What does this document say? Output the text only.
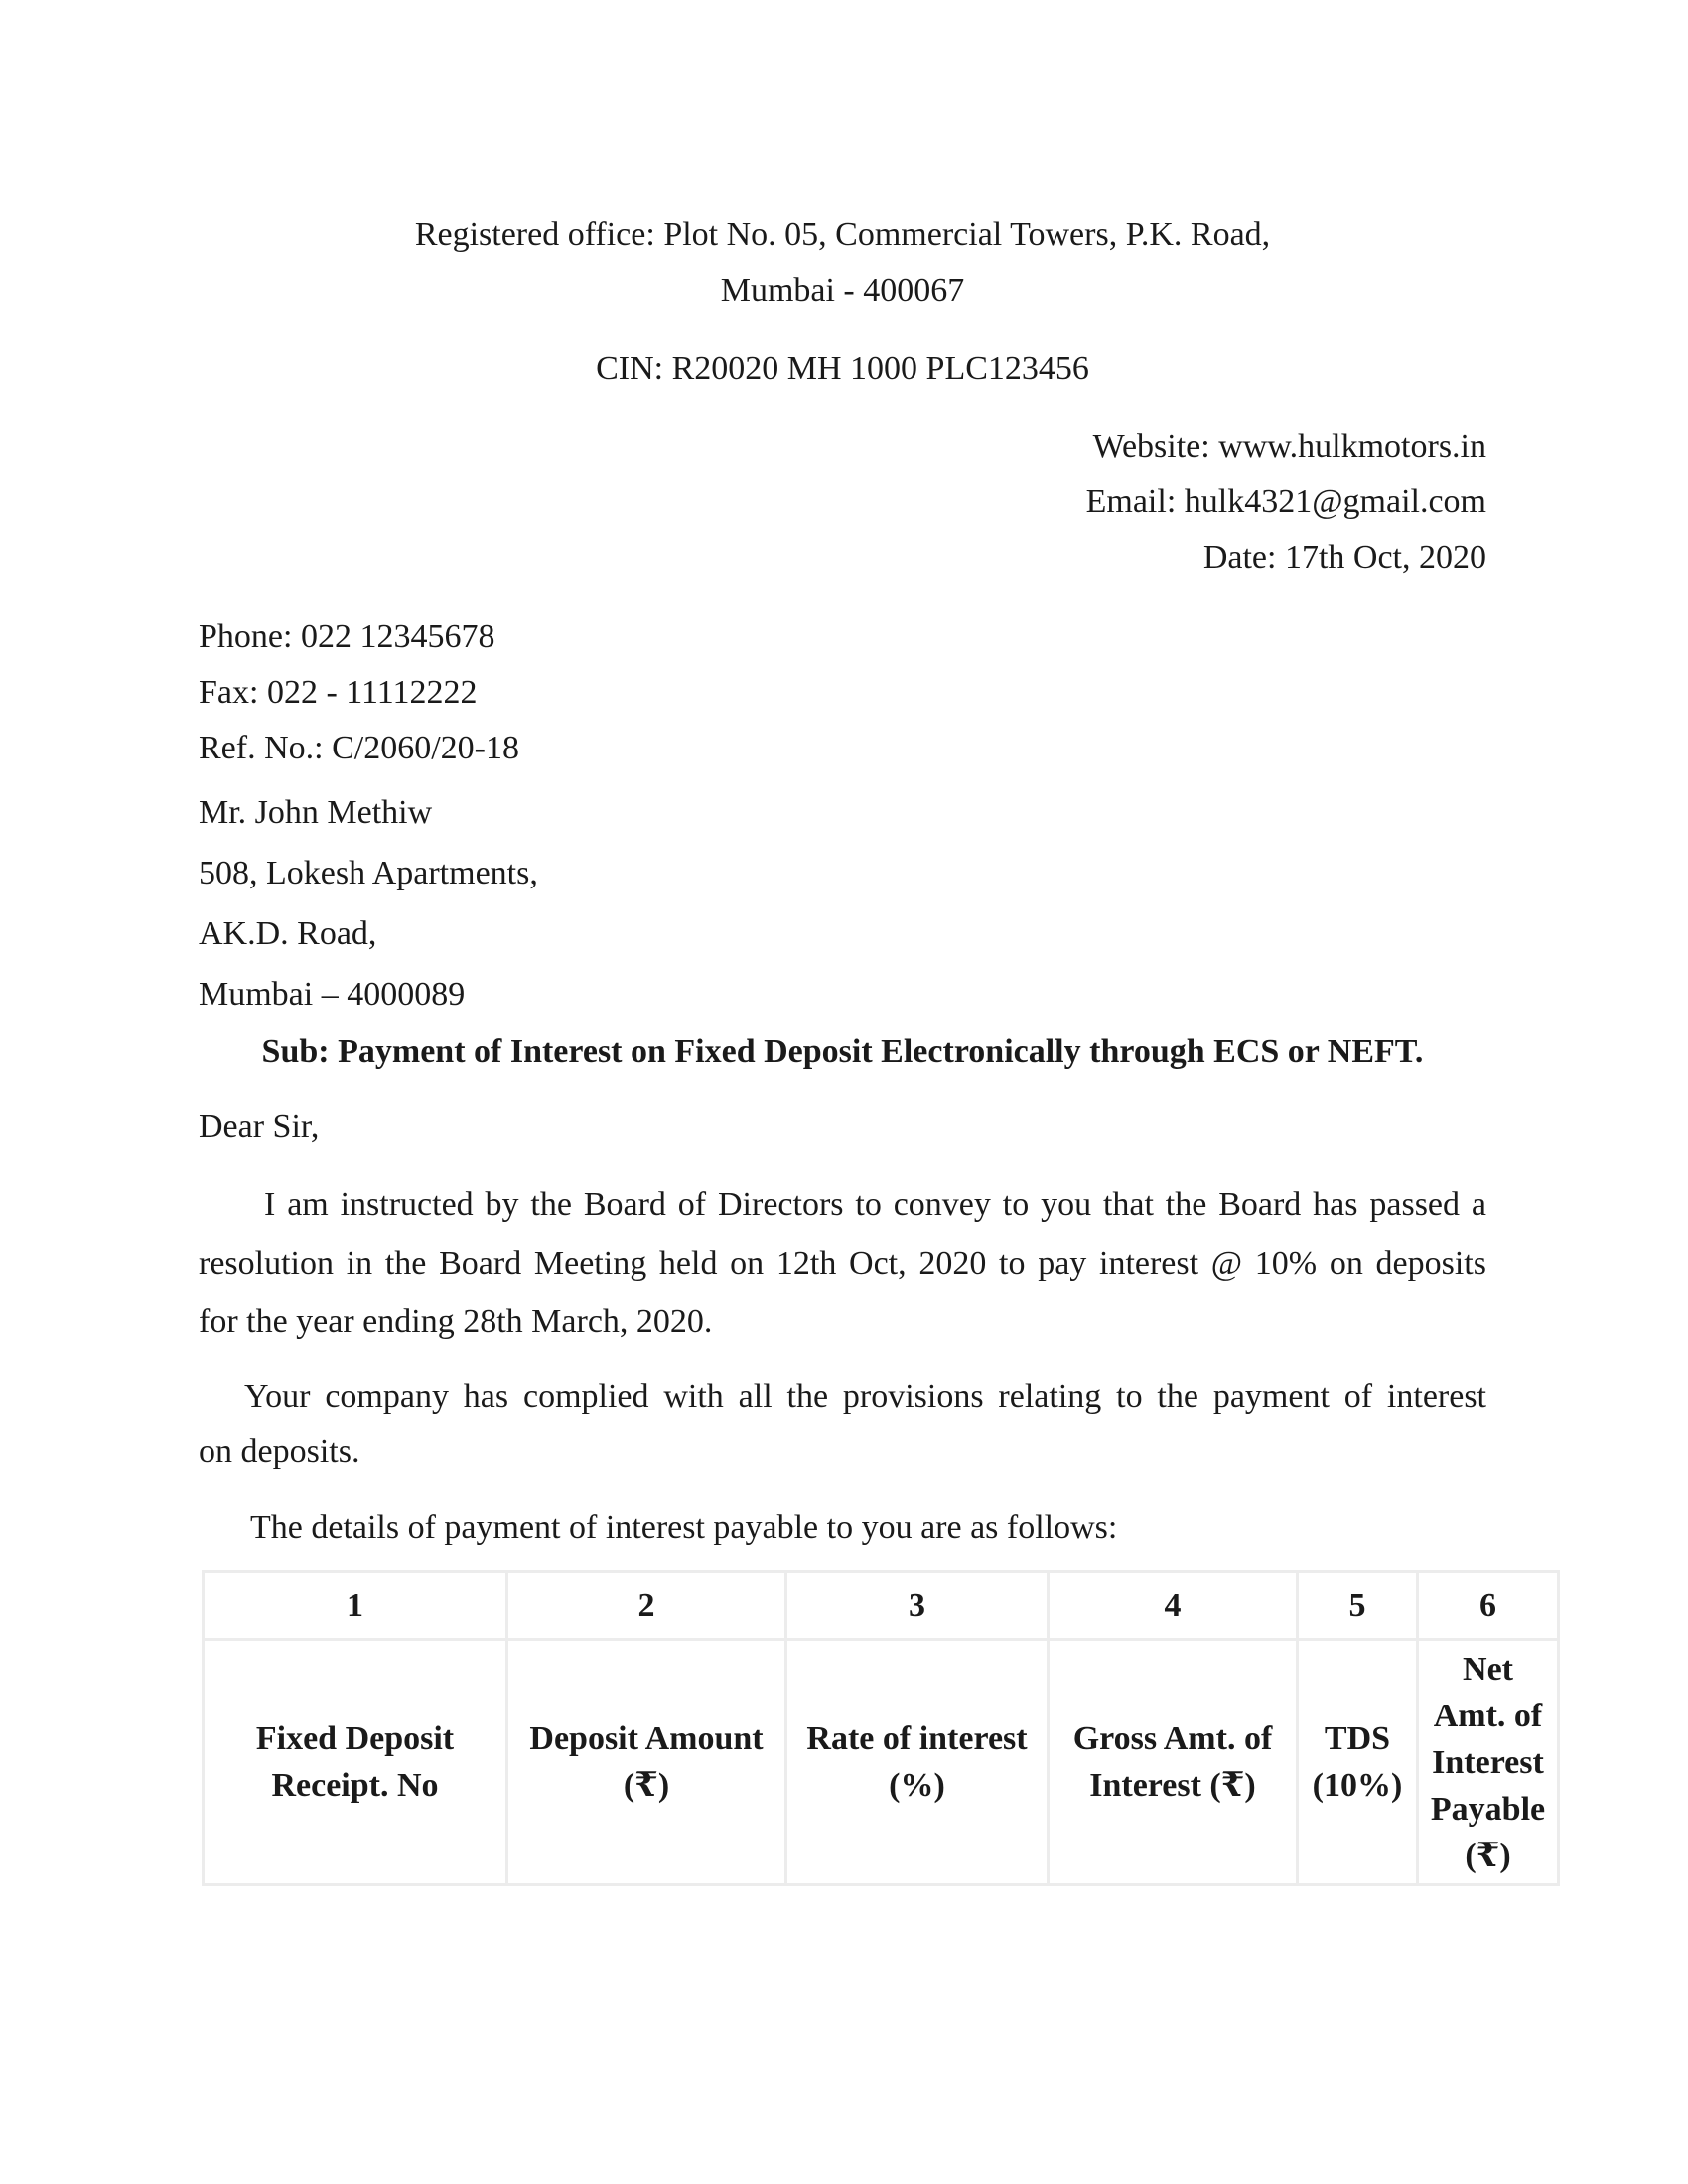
Registered office: Plot No. 05, Commercial Towers, P.K. Road,
Mumbai - 400067
CIN: R20020 MH 1000 PLC123456
Website: www.hulkmotors.in
Email: hulk4321@gmail.com
Date: 17th Oct, 2020
Phone: 022 12345678
Fax: 022 - 11112222
Ref. No.: C/2060/20-18
Mr. John Methiw
508, Lokesh Apartments,
AK.D. Road,
Mumbai – 4000089
Sub: Payment of Interest on Fixed Deposit Electronically through ECS or NEFT.
Dear Sir,
I am instructed by the Board of Directors to convey to you that the Board has passed a
resolution in the Board Meeting held on 12th Oct, 2020 to pay interest @ 10% on deposits
for the year ending 28th March, 2020.
Your company has complied with all the provisions relating to the payment of interest
on deposits.
The details of payment of interest payable to you are as follows:
1	2	3	4	5	6
Fixed Deposit Receipt. No	Deposit Amount (₹)	Rate of interest (%)	Gross Amt. of Interest (₹)	TDS (10%)	Net Amt. of Interest Payable (₹)
